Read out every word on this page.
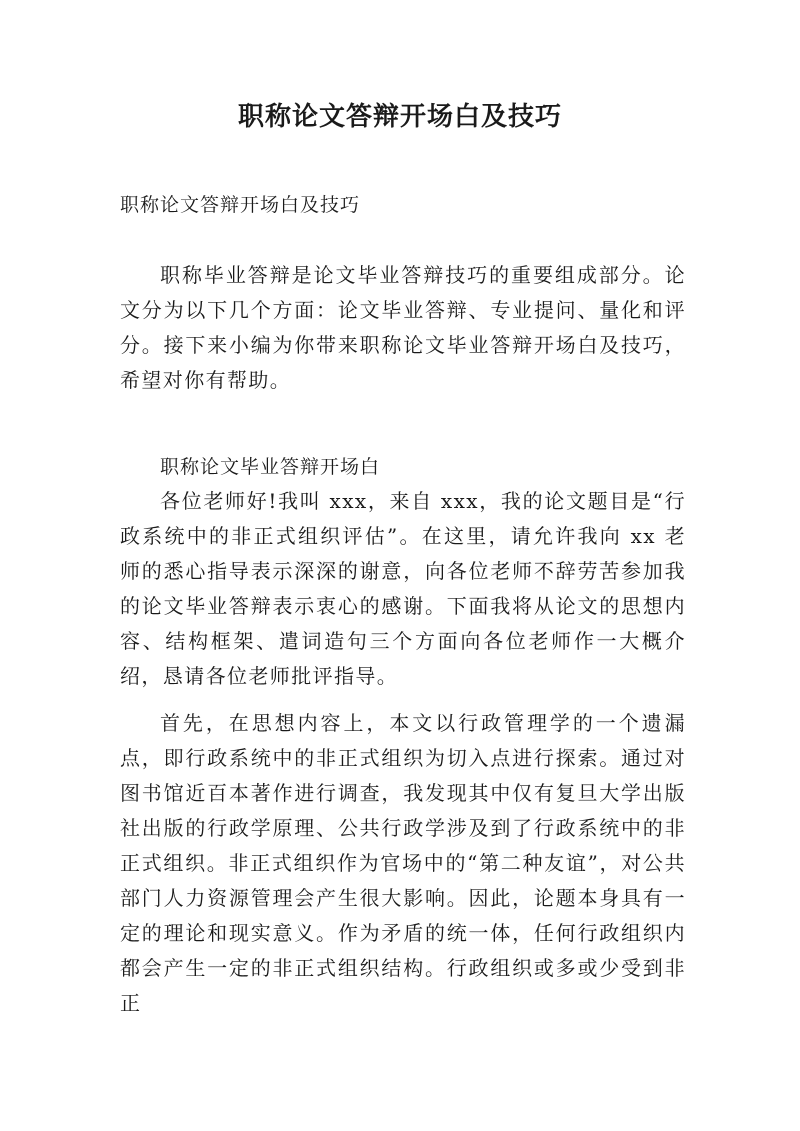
职称论文答辩开场白及技巧

职称论文答辩开场白及技巧

职称毕业答辩是论文毕业答辩技巧的重要组成部分。论文分为以下几个方面：论文毕业答辩、专业提问、量化和评分。接下来小编为你带来职称论文毕业答辩开场白及技巧，希望对你有帮助。

职称论文毕业答辩开场白

各位老师好!我叫 xxx，来自 xxx，我的论文题目是“行政系统中的非正式组织评估”。在这里，请允许我向 xx 老师的悉心指导表示深深的谢意，向各位老师不辞劳苦参加我的论文毕业答辩表示衷心的感谢。下面我将从论文的思想内容、结构框架、遣词造句三个方面向各位老师作一大概介绍，恳请各位老师批评指导。

首先，在思想内容上，本文以行政管理学的一个遗漏点，即行政系统中的非正式组织为切入点进行探索。通过对图书馆近百本著作进行调查，我发现其中仅有复旦大学出版社出版的行政学原理、公共行政学涉及到了行政系统中的非正式组织。非正式组织作为官场中的“第二种友谊”，对公共部门人力资源管理会产生很大影响。因此，论题本身具有一定的理论和现实意义。作为矛盾的统一体，任何行政组织内都会产生一定的非正式组织结构。行政组织或多或少受到非正
